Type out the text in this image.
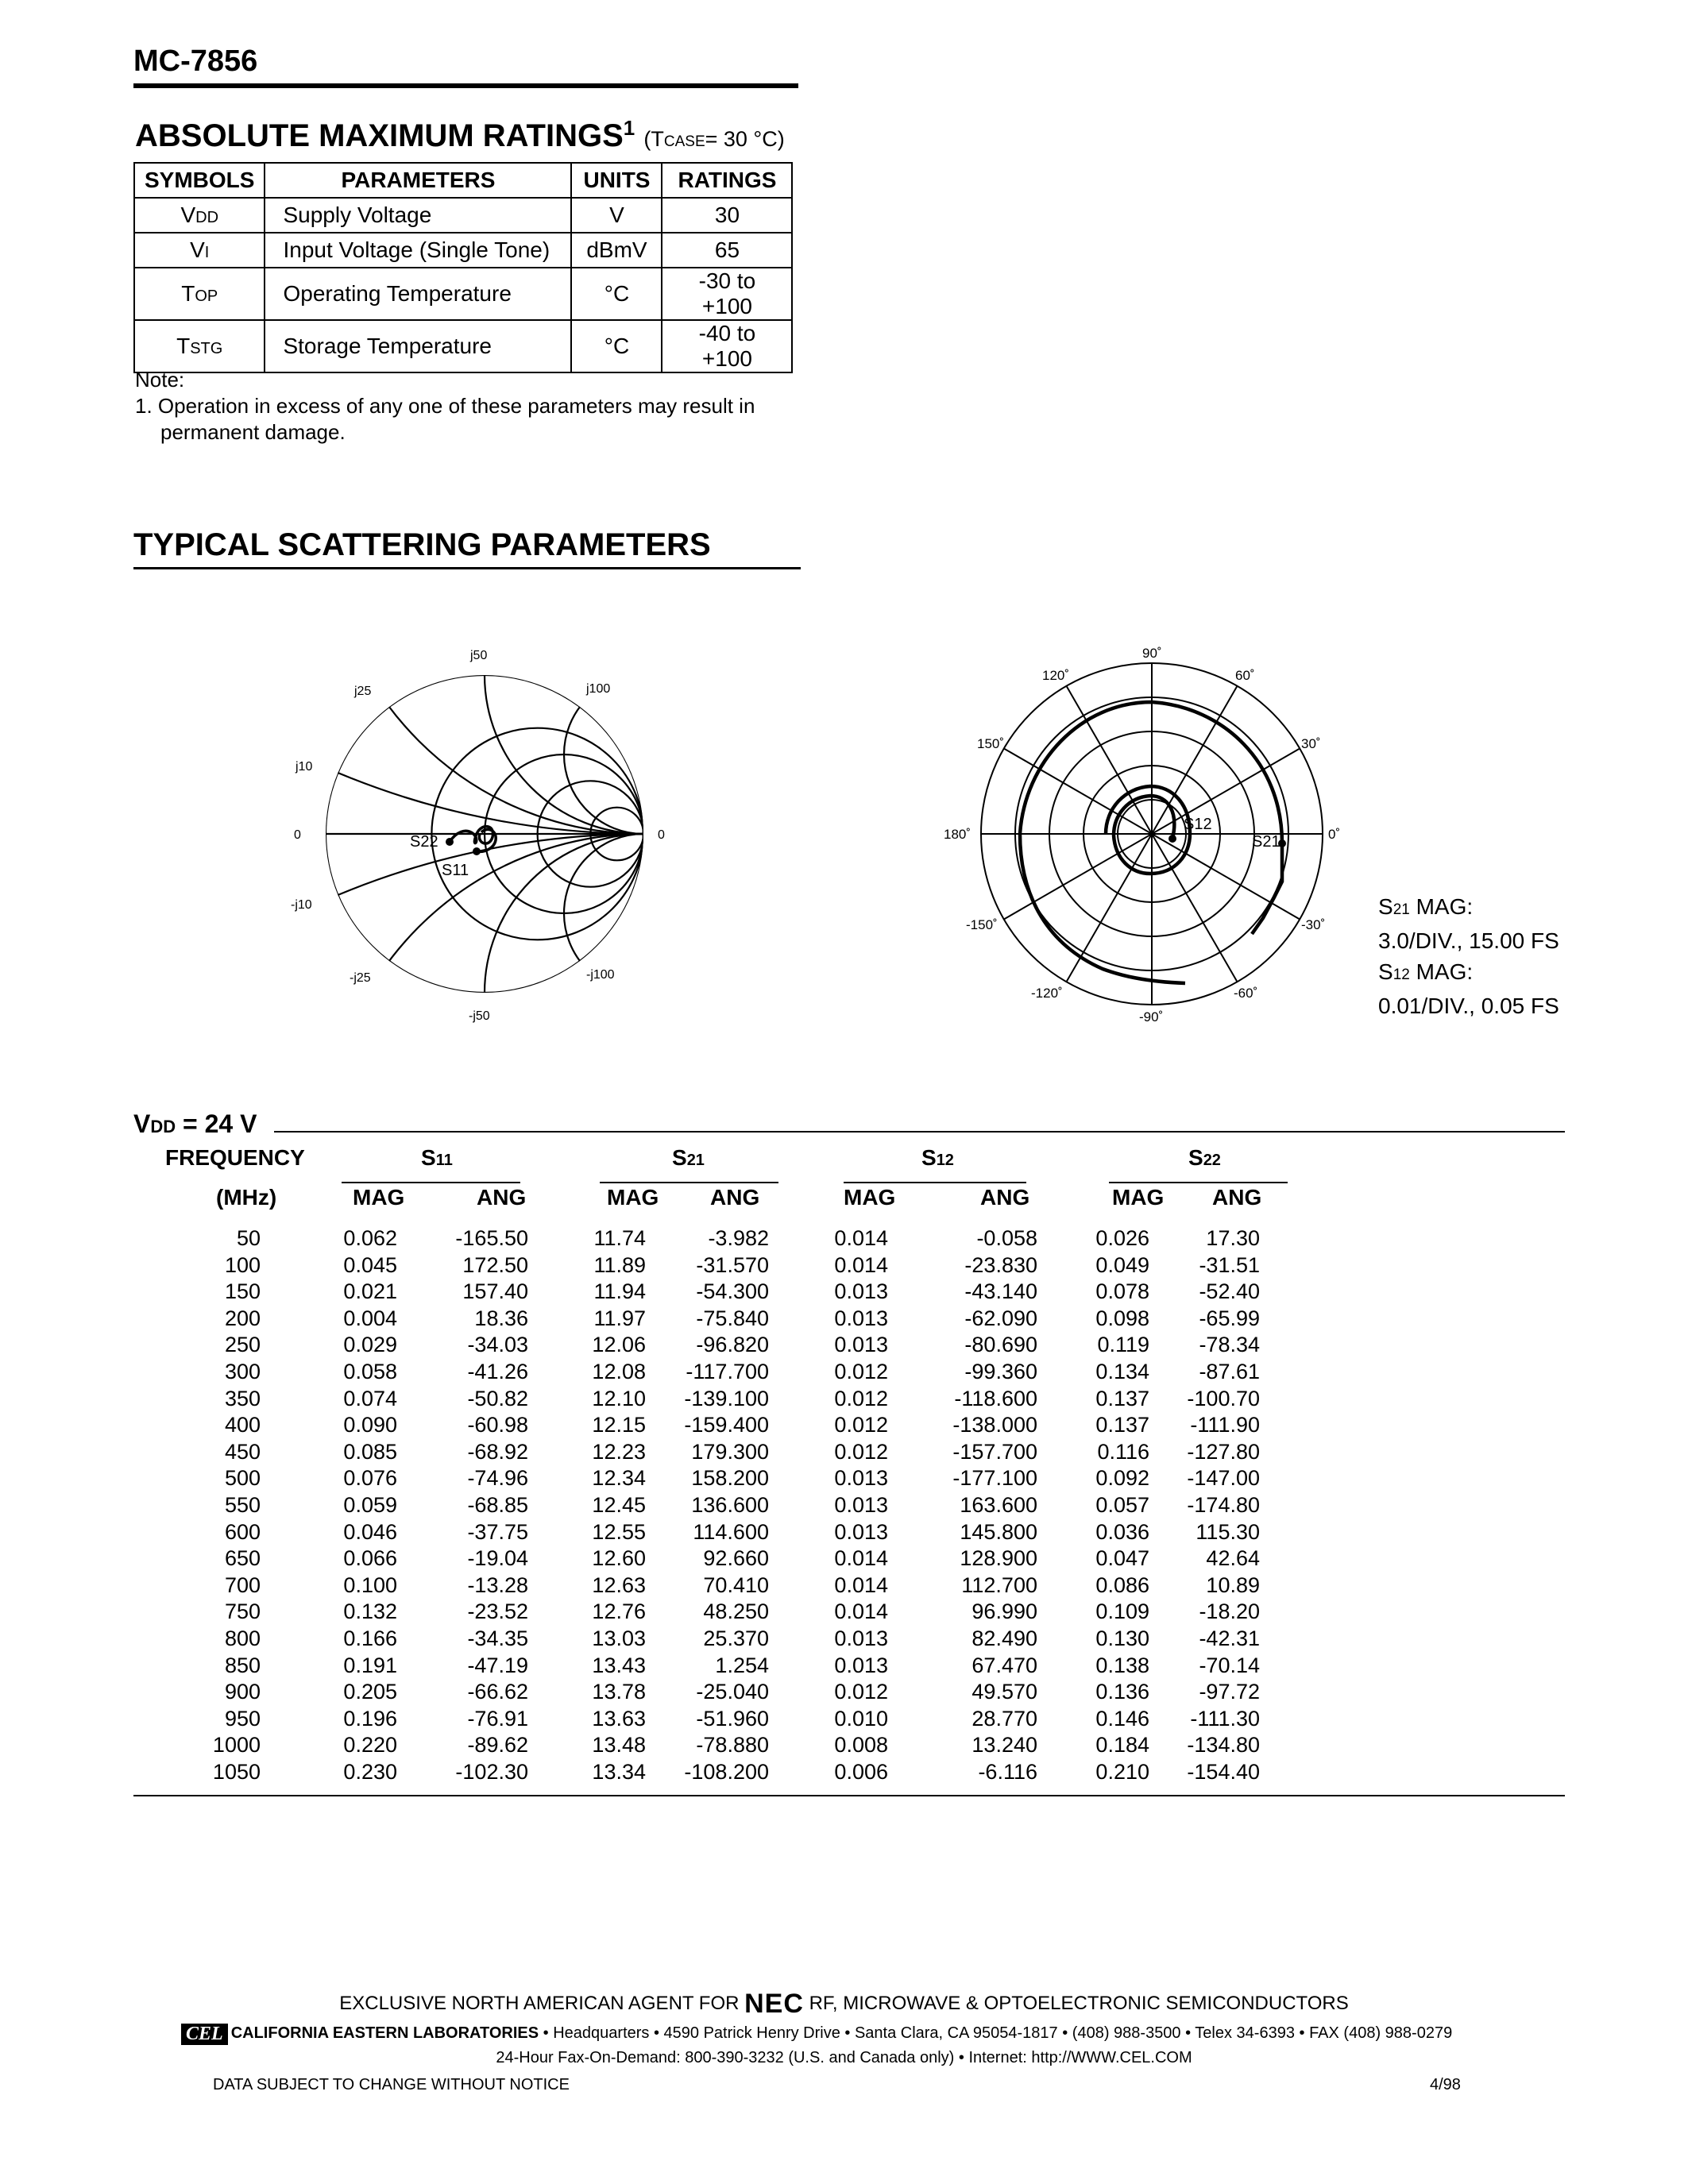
MC-7856
ABSOLUTE MAXIMUM RATINGS$^1$ (TCASE= 30 °C)
SYMBOLS	PARAMETERS	UNITS	RATINGS
VDD	Supply Voltage	V	30
VI	Input Voltage (Single Tone)	dBmV	65
TOP	Operating Temperature	°C	-30 to +100
TSTG	Storage Temperature	°C	-40 to +100
Note:
1. Operation in excess of any one of these parameters may result in
permanent damage.
TYPICAL SCATTERING PARAMETERS
j50
j25	j100
j10
0	0
-j10
-j25	-j100
-j50
S22
S11
0˚
30˚
60˚
90˚
120˚
150˚
180˚
-150˚
-120˚
-90˚
-60˚
-30˚
S12
S21
S21 MAG:
3.0/DIV., 15.00 FS
S12 MAG:
0.01/DIV., 0.05 FS
VDD = 24 V
FREQUENCY
(MHz)
S11	S21	S12	S22
MAG	ANG	MAG ANG	MAG	ANG	MAG ANG
50	0.062	-165.50	11.74	-3.982	0.014	-0.058	0.026	17.30
100	0.045	172.50	11.89	-31.570	0.014	-23.830	0.049	-31.51
150	0.021	157.40	11.94	-54.300	0.013	-43.140	0.078	-52.40
200	0.004	18.36	11.97	-75.840	0.013	-62.090	0.098	-65.99
250	0.029	-34.03	12.06	-96.820	0.013	-80.690	0.119	-78.34
300	0.058	-41.26	12.08	-117.700	0.012	-99.360	0.134	-87.61
350	0.074	-50.82	12.10	-139.100	0.012	-118.600	0.137	-100.70
400	0.090	-60.98	12.15	-159.400	0.012	-138.000	0.137	-111.90
450	0.085	-68.92	12.23	179.300	0.012	-157.700	0.116	-127.80
500	0.076	-74.96	12.34	158.200	0.013	-177.100	0.092	-147.00
550	0.059	-68.85	12.45	136.600	0.013	163.600	0.057	-174.80
600	0.046	-37.75	12.55	114.600	0.013	145.800	0.036	115.30
650	0.066	-19.04	12.60	92.660	0.014	128.900	0.047	42.64
700	0.100	-13.28	12.63	70.410	0.014	112.700	0.086	10.89
750	0.132	-23.52	12.76	48.250	0.014	96.990	0.109	-18.20
800	0.166	-34.35	13.03	25.370	0.013	82.490	0.130	-42.31
850	0.191	-47.19	13.43	1.254	0.013	67.470	0.138	-70.14
900	0.205	-66.62	13.78	-25.040	0.012	49.570	0.136	-97.72
950	0.196	-76.91	13.63	-51.960	0.010	28.770	0.146	-111.30
1000	0.220	-89.62	13.48	-78.880	0.008	13.240	0.184	-134.80
1050	0.230	-102.30	13.34	-108.200	0.006	-6.116	0.210	-154.40
EXCLUSIVE NORTH AMERICAN AGENT FOR NEC RF, MICROWAVE & OPTOELECTRONIC SEMICONDUCTORS
CEL CALIFORNIA EASTERN LABORATORIES • Headquarters • 4590 Patrick Henry Drive • Santa Clara, CA 95054-1817 • (408) 988-3500 • Telex 34-6393 • FAX (408) 988-0279
24-Hour Fax-On-Demand: 800-390-3232 (U.S. and Canada only) • Internet: http://WWW.CEL.COM
DATA SUBJECT TO CHANGE WITHOUT NOTICE	4/98
